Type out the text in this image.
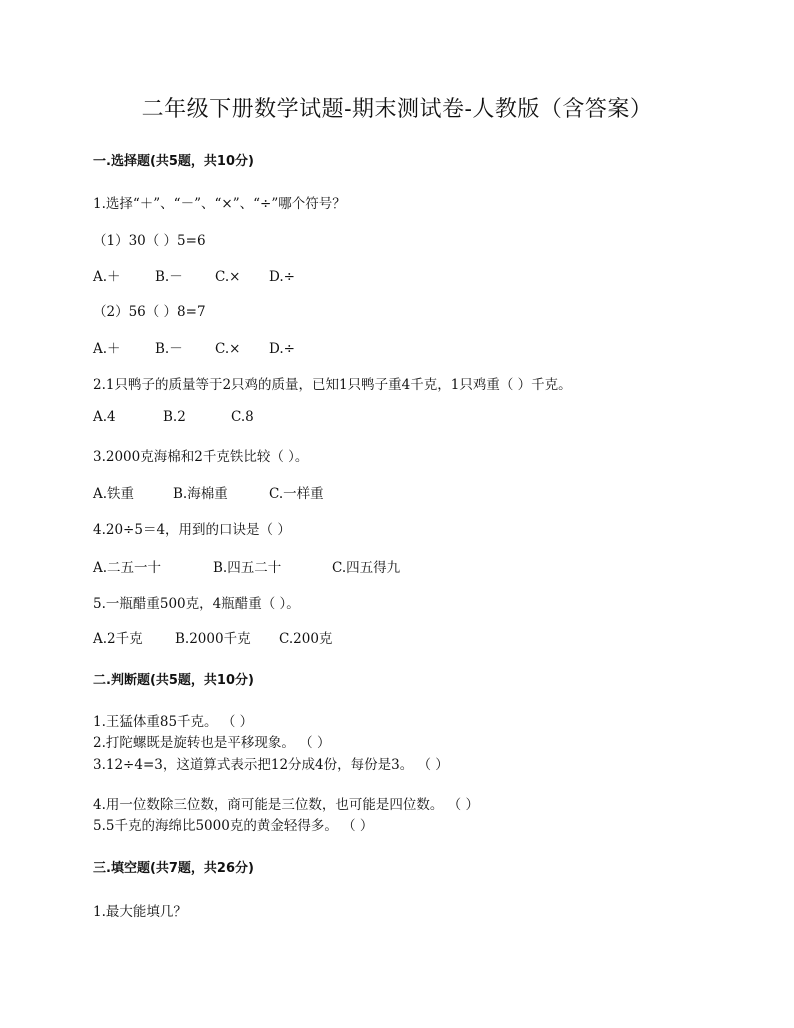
二年级下册数学试题-期末测试卷-人教版（含答案）
一.选择题(共5题，共10分)
1.选择“＋”、“－”、“×”、“÷”哪个符号？
（1）30（ ）5=6
A.＋	B.－ C.× D.÷
（2）56（ ）8=7
A.＋	B.－ C.× D.÷
2.1只鸭子的质量等于2只鸡的质量，已知1只鸭子重4千克，1只鸡重（ ）千克。
A.4	B.2	C.8
3.2000克海棉和2千克铁比较（ ）。
A.铁重	B.海棉重	C.一样重
4.20÷5＝4，用到的口诀是（ ）
A.二五一十	B.四五二十	C.四五得九
5.一瓶醋重500克，4瓶醋重（ ）。
A.2千克 B.2000千克 C.200克
二.判断题(共5题，共10分)
1.王猛体重85千克。 （ ）
2.打陀螺既是旋转也是平移现象。 （ ）
3.12÷4=3，这道算式表示把12分成4份，每份是3。 （ ）
4.用一位数除三位数，商可能是三位数，也可能是四位数。 （ ）
5.5千克的海绵比5000克的黄金轻得多。 （ ）
三.填空题(共7题，共26分)
1.最大能填几？
